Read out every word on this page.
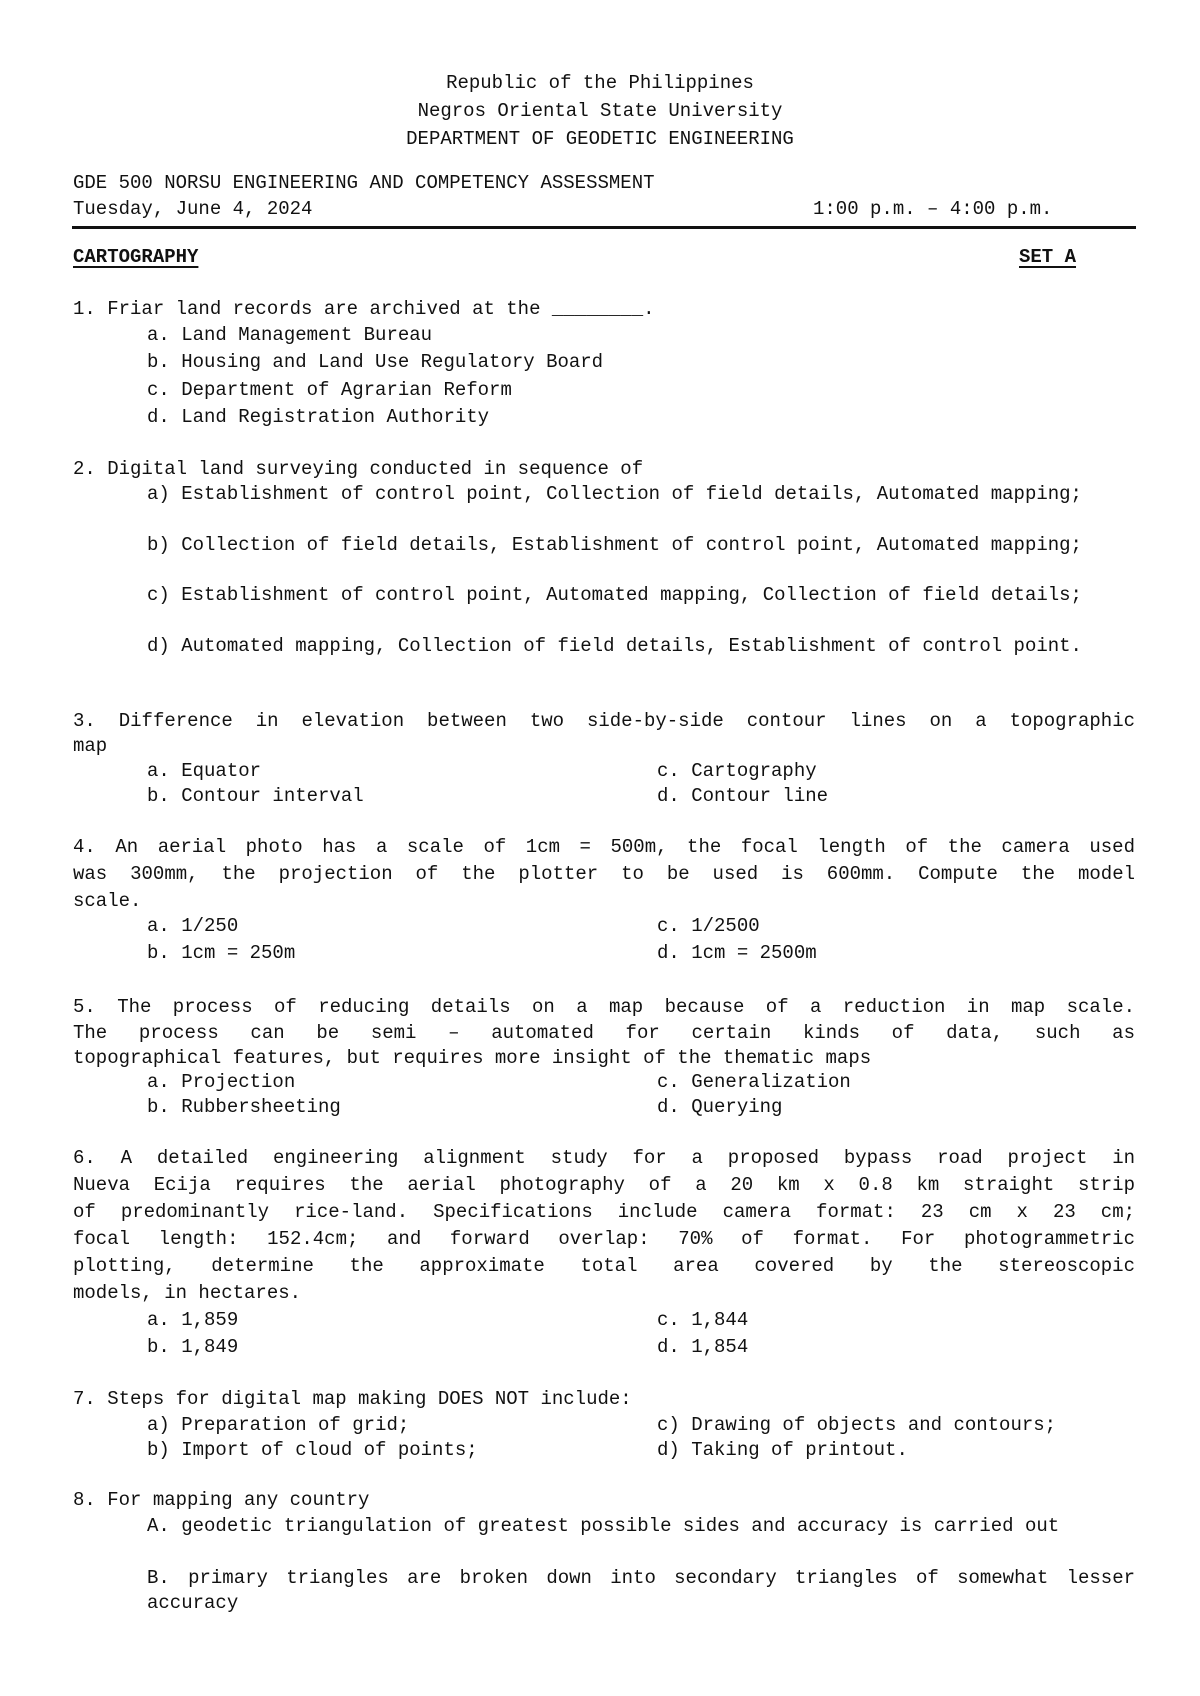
Republic of the Philippines
Negros Oriental State University
DEPARTMENT OF GEODETIC ENGINEERING
GDE 500 NORSU ENGINEERING AND COMPETENCY ASSESSMENT
Tuesday, June 4, 2024	1:00 p.m. – 4:00 p.m.
CARTOGRAPHY	SET A
1. Friar land records are archived at the ________.
a. Land Management Bureau
b. Housing and Land Use Regulatory Board
c. Department of Agrarian Reform
d. Land Registration Authority
2. Digital land surveying conducted in sequence of
a) Establishment of control point, Collection of field details, Automated mapping;
b) Collection of field details, Establishment of control point, Automated mapping;
c) Establishment of control point, Automated mapping, Collection of field details;
d) Automated mapping, Collection of field details, Establishment of control point.
3. Difference in elevation between two side-by-side contour lines on a topographic
map
a. Equator	c. Cartography
b. Contour interval	d. Contour line
4. An aerial photo has a scale of 1cm = 500m, the focal length of the camera used
was 300mm, the projection of the plotter to be used is 600mm. Compute the model
scale.
a. 1/250	c. 1/2500
b. 1cm = 250m	d. 1cm = 2500m
5. The process of reducing details on a map because of a reduction in map scale.
The process can be semi – automated for certain kinds of data, such as
topographical features, but requires more insight of the thematic maps
a. Projection	c. Generalization
b. Rubbersheeting	d. Querying
6. A detailed engineering alignment study for a proposed bypass road project in
Nueva Ecija requires the aerial photography of a 20 km x 0.8 km straight strip
of predominantly rice-land. Specifications include camera format: 23 cm x 23 cm;
focal length: 152.4cm; and forward overlap: 70% of format. For photogrammetric
plotting, determine the approximate total area covered by the stereoscopic
models, in hectares.
a. 1,859	c. 1,844
b. 1,849	d. 1,854
7. Steps for digital map making DOES NOT include:
a) Preparation of grid;	c) Drawing of objects and contours;
b) Import of cloud of points;	d) Taking of printout.
8. For mapping any country
A. geodetic triangulation of greatest possible sides and accuracy is carried out
B. primary triangles are broken down into secondary triangles of somewhat lesser accuracy
